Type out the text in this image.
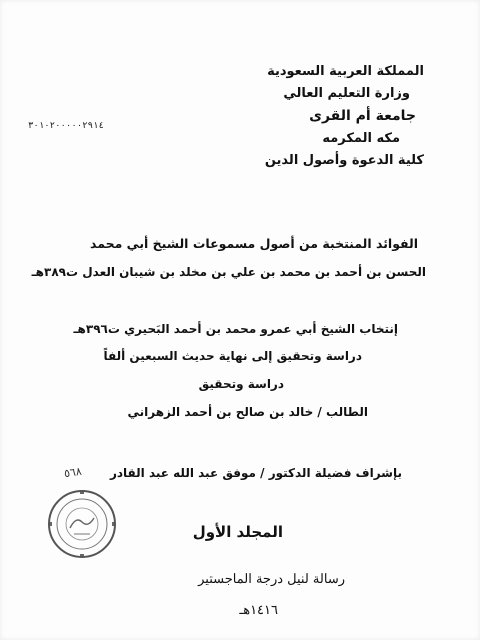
المملكة العربية السعودية
وزارة التعليم العالي
جامعة أم القرى
مكه المكرمه
كلية الدعوة وأصول الدين
٣٠١٠٢٠٠٠٠٠٢٩١٤
الفوائد المنتخبة من أصول مسموعات الشيخ أبي محمد
الحسن بن أحمد بن محمد بن علي بن مخلد بن شيبان العدل ت٣٨٩هـ
إنتخاب الشيخ أبي عمرو محمد بن أحمد البَحيري ت٣٩٦هـ
دراسة وتحقيق إلى نهاية حديث السبعين ألفاً
دراسة وتحقيق
الطالب / خالد بن صالح بن أحمد الزهراني
٥٦٨ بإشراف فضيلة الدكتور / موفق عبد الله عبد القادر
المجلد الأول
رسالة لنيل درجة الماجستير
١٤١٦هـ
